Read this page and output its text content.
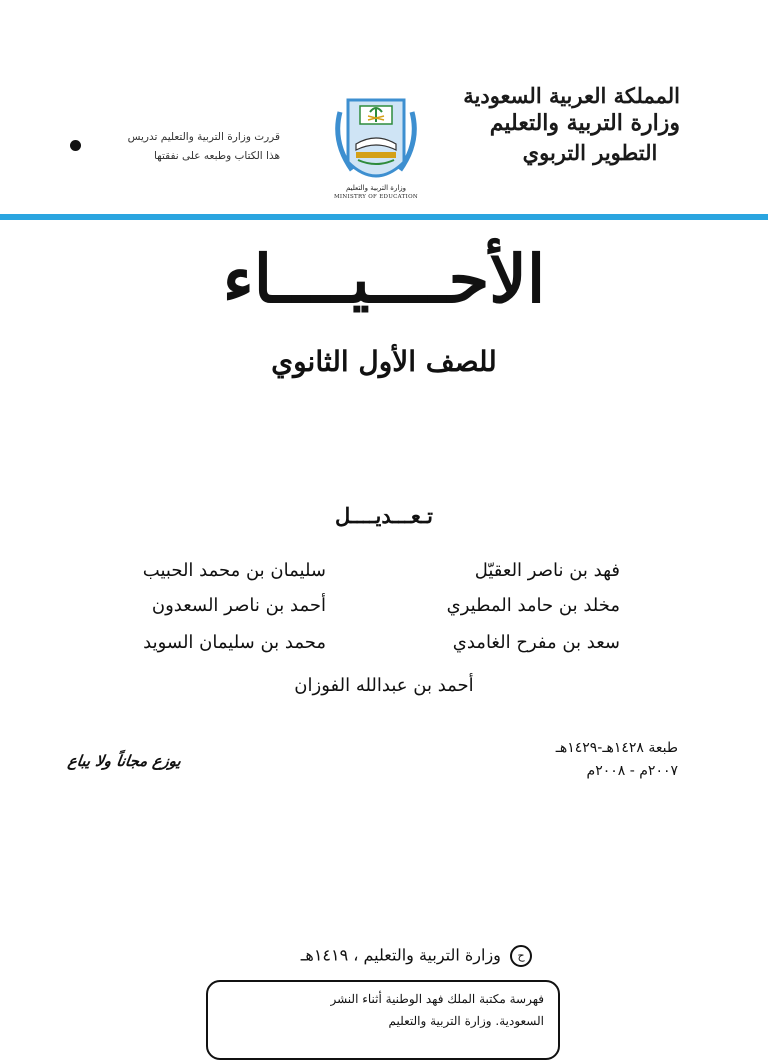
المملكة العربية السعودية
وزارة التربية والتعليم
التطوير التربوي
وزارة التربية والتعليم
MINISTRY OF EDUCATION
قررت وزارة التربية والتعليم تدريس
هذا الكتاب وطبعه على نفقتها
الأحــــيــــاء
للصف الأول الثانوي
تـعـــديــــل
فهد بن ناصر العقيّل
مخلد بن حامد المطيري
سعد بن مفرح الغامدي
سليمان بن محمد الحبيب
أحمد بن ناصر السعدون
محمد بن سليمان السويد
أحمد بن عبدالله الفوزان
طبعة ١٤٢٨هـ-١٤٢٩هـ
٢٠٠٧م - ٢٠٠٨م
يوزع مجاناً ولا يباع
ح وزارة التربية والتعليم ، ١٤١٩هـ
فهرسة مكتبة الملك فهد الوطنية أثناء النشر
السعودية. وزارة التربية والتعليم
